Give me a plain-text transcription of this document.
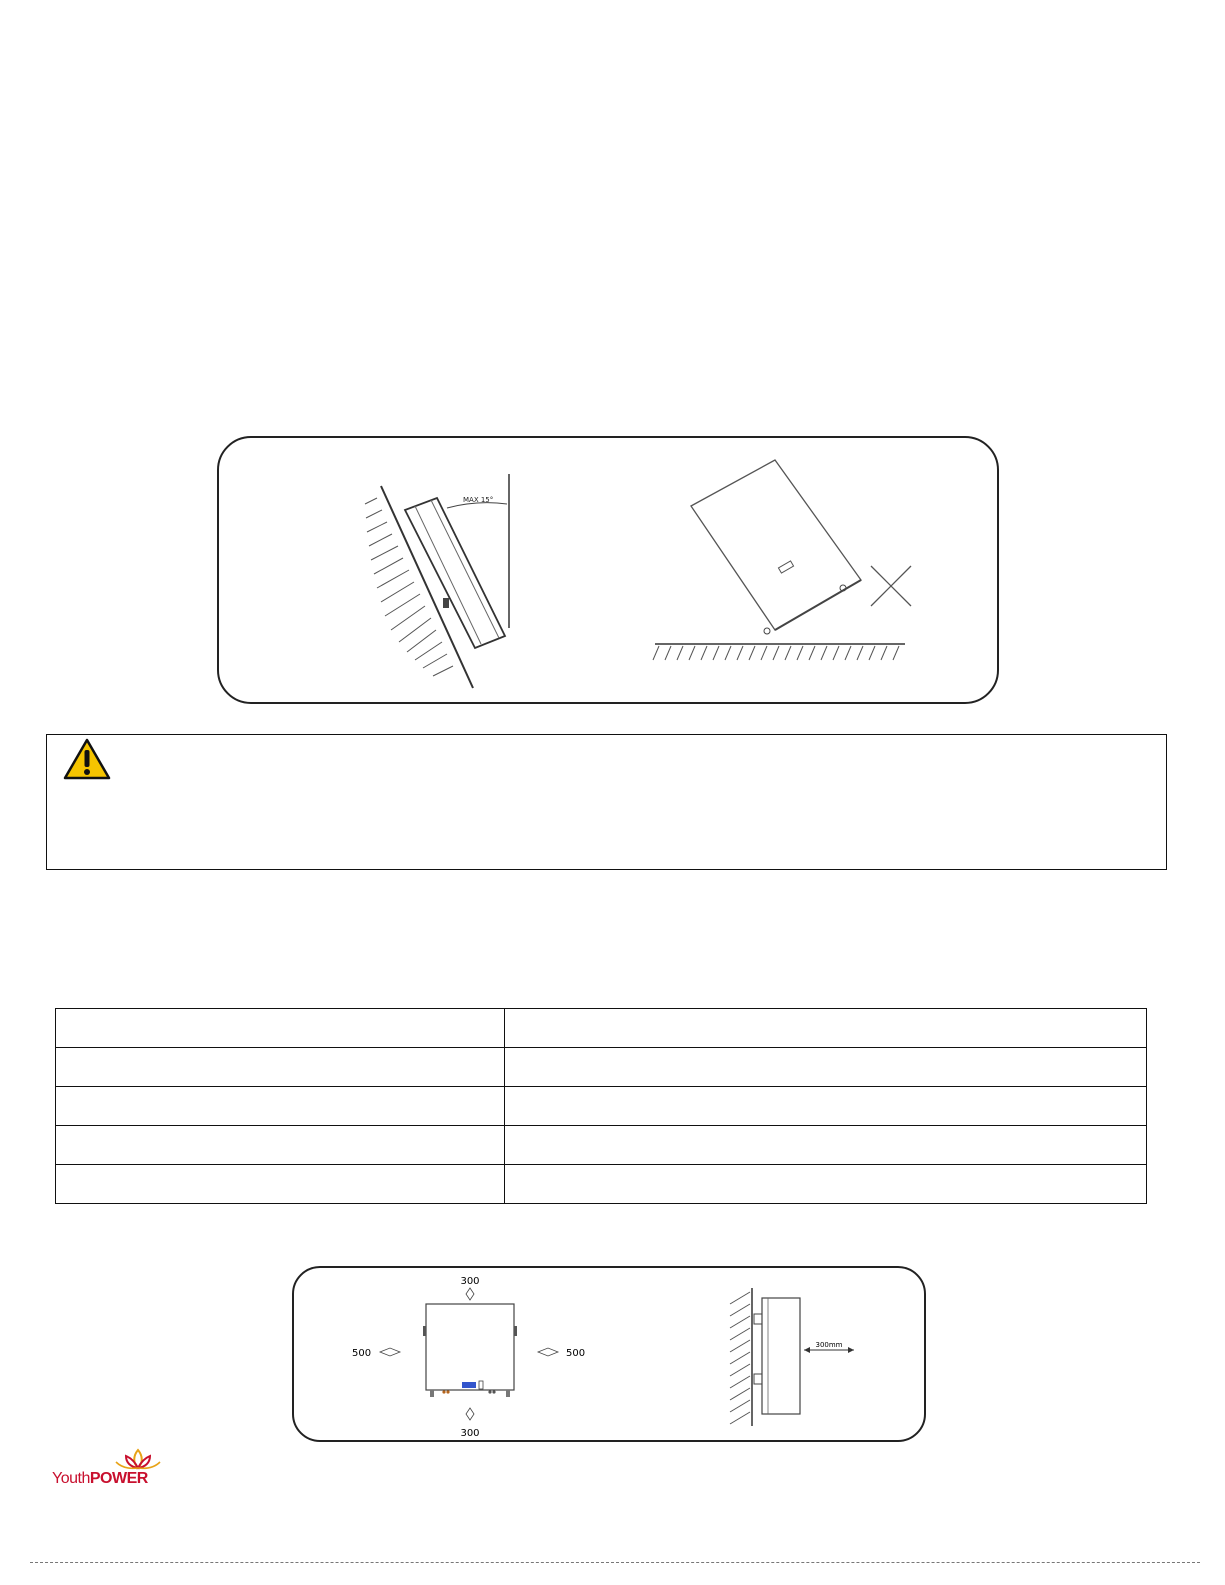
MAX 15°

300
300
500	500
300mm
YouthPOWER
